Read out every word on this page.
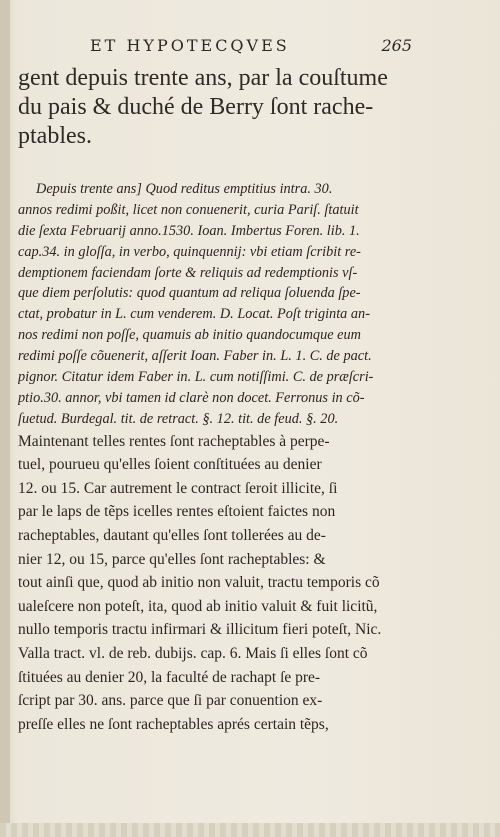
ET HYPOTECQVES	265
gent depuis trente ans, par la couſtume
du pais & duché de Berry ſont rache-
ptables.
Depuis trente ans] Quod reditus emptitius intra. 30.
annos redimi poßit, licet non conuenerit, curia Pariſ. ſtatuit
die ſexta Februarij anno.1530. Ioan. Imbertus Foren. lib. 1.
cap.34. in gloſſa, in verbo, quinquennij: vbi etiam ſcribit re-
demptionem faciendam ſorte & reliquis ad redemptionis vſ-
que diem perſolutis: quod quantum ad reliqua ſoluenda ſpe-
ctat, probatur in L. cum venderem. D. Locat. Poſt triginta an-
nos redimi non poſſe, quamuis ab initio quandocumque eum
redimi poſſe cõuenerit, aſſerit Ioan. Faber in. L. 1. C. de pact.
pignor. Citatur idem Faber in. L. cum notiſſimi. C. de præſcri-
ptio.30. annor, vbi tamen id clarè non docet. Ferronus in cõ-
ſuetud. Burdegal. tit. de retract. §. 12. tit. de feud. §. 20.
Maintenant telles rentes ſont racheptables à perpe-
tuel, pourueu qu'elles ſoient conſtituées au denier
12. ou 15. Car autrement le contract ſeroit illicite, ſi
par le laps de tẽps icelles rentes eſtoient faictes non
racheptables, dautant qu'elles ſont tollerées au de-
nier 12, ou 15, parce qu'elles ſont racheptables: &
tout ainſi que, quod ab initio non valuit, tractu temporis cõ
ualeſcere non poteſt, ita, quod ab initio valuit & fuit licitũ,
nullo temporis tractu infirmari & illicitum fieri poteſt, Nic.
Valla tract. vl. de reb. dubijs. cap. 6. Mais ſi elles ſont cõ
ſtituées au denier 20, la faculté de rachapt ſe pre-
ſcript par 30. ans. parce que ſi par conuention ex-
preſſe elles ne ſont racheptables aprés certain tẽps,
